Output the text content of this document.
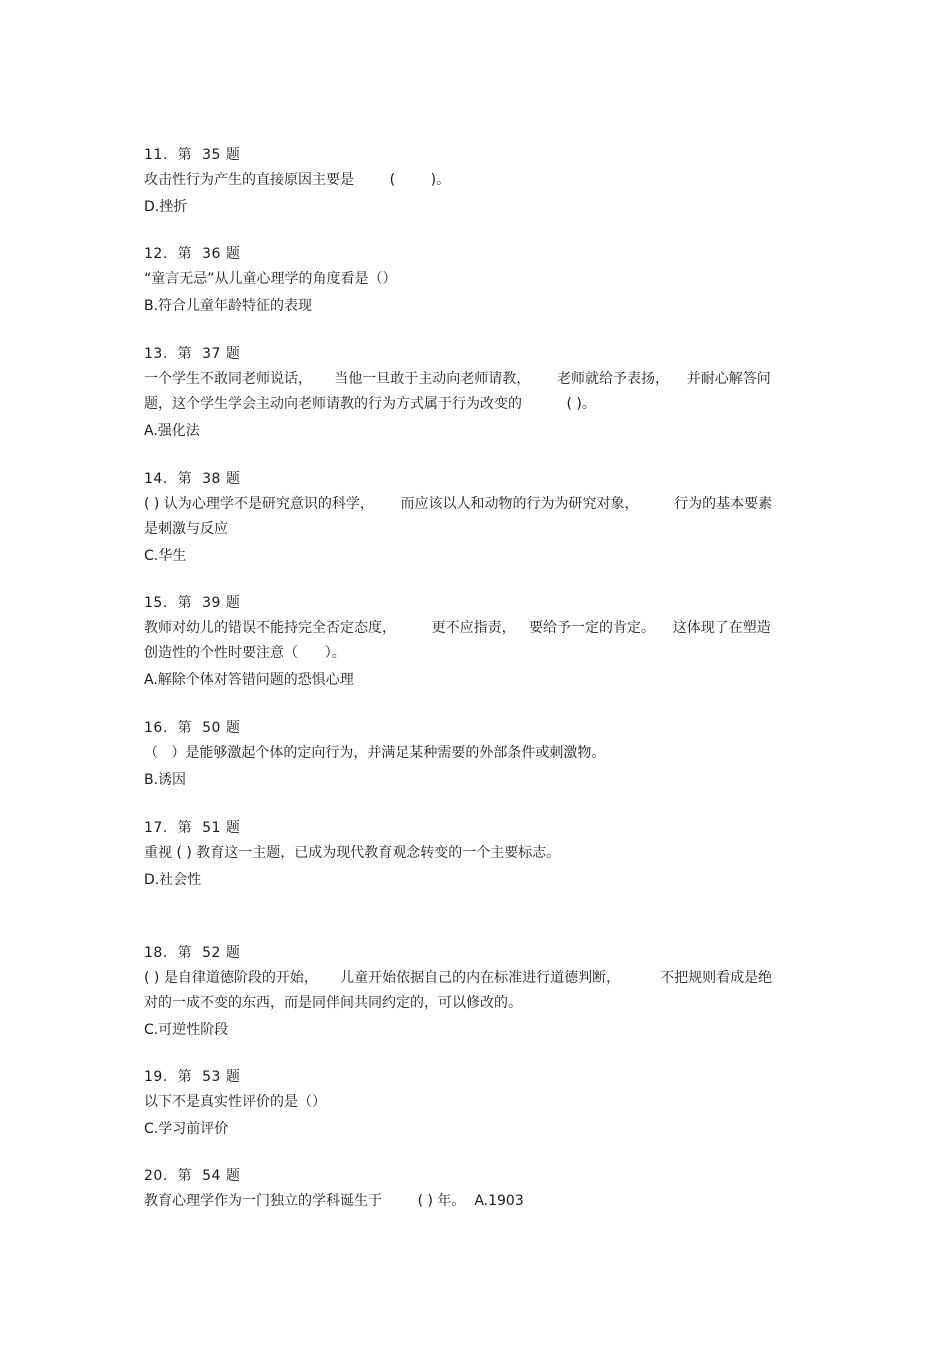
11.  第  35 题
攻击性行为产生的直接原因主要是        (        )。
D.挫折
12.  第  36 题
“童言无忌”从儿童心理学的角度看是（）
B.符合儿童年龄特征的表现
13.  第  37 题
一个学生不敢同老师说话，     当他一旦敢于主动向老师请教，      老师就给予表扬，    并耐心解答问
题，这个学生学会主动向老师请教的行为方式属于行为改变的          ( )。
A.强化法
14.  第  38 题
( ) 认为心理学不是研究意识的科学，      而应该以人和动物的行为为研究对象，        行为的基本要素
是刺激与反应
C.华生
15.  第  39 题
教师对幼儿的错误不能持完全否定态度，        更不应指责，   要给予一定的肯定。    这体现了在塑造
创造性的个性时要注意（      ）。
A.解除个体对答错问题的恐惧心理
16.  第  50 题
（   ）是能够激起个体的定向行为，并满足某种需要的外部条件或刺激物。
B.诱因
17.  第  51 题
重视 ( ) 教育这一主题，已成为现代教育观念转变的一个主要标志。
D.社会性
18.  第  52 题
( ) 是自律道德阶段的开始，     儿童开始依据自己的内在标准进行道德判断，         不把规则看成是绝
对的一成不变的东西，而是同伴间共同约定的，可以修改的。
C.可逆性阶段
19.  第  53 题
以下不是真实性评价的是（）
C.学习前评价
20.  第  54 题
教育心理学作为一门独立的学科诞生于        ( ) 年。  A.1903
